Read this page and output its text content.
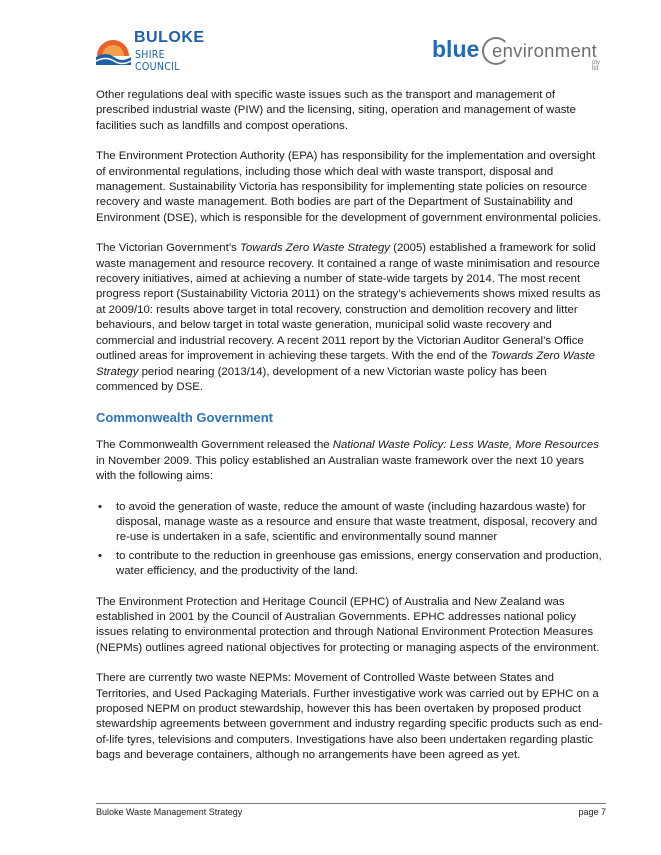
BULOKE
SHIRE COUNCIL
blue environment
pty ltd

Other regulations deal with specific waste issues such as the transport and management of prescribed industrial waste (PIW) and the licensing, siting, operation and management of waste facilities such as landfills and compost operations.

The Environment Protection Authority (EPA) has responsibility for the implementation and oversight of environmental regulations, including those which deal with waste transport, disposal and management. Sustainability Victoria has responsibility for implementing state policies on resource recovery and waste management. Both bodies are part of the Department of Sustainability and Environment (DSE), which is responsible for the development of government environmental policies.

The Victorian Government’s Towards Zero Waste Strategy (2005) established a framework for solid waste management and resource recovery. It contained a range of waste minimisation and resource recovery initiatives, aimed at achieving a number of state-wide targets by 2014. The most recent progress report (Sustainability Victoria 2011) on the strategy’s achievements shows mixed results as at 2009/10: results above target in total recovery, construction and demolition recovery and litter behaviours, and below target in total waste generation, municipal solid waste recovery and commercial and industrial recovery. A recent 2011 report by the Victorian Auditor General’s Office outlined areas for improvement in achieving these targets. With the end of the Towards Zero Waste Strategy period nearing (2013/14), development of a new Victorian waste policy has been commenced by DSE.

Commonwealth Government

The Commonwealth Government released the National Waste Policy: Less Waste, More Resources in November 2009. This policy established an Australian waste framework over the next 10 years with the following aims:

• to avoid the generation of waste, reduce the amount of waste (including hazardous waste) for disposal, manage waste as a resource and ensure that waste treatment, disposal, recovery and re-use is undertaken in a safe, scientific and environmentally sound manner
• to contribute to the reduction in greenhouse gas emissions, energy conservation and production, water efficiency, and the productivity of the land.

The Environment Protection and Heritage Council (EPHC) of Australia and New Zealand was established in 2001 by the Council of Australian Governments. EPHC addresses national policy issues relating to environmental protection and through National Environment Protection Measures (NEPMs) outlines agreed national objectives for protecting or managing aspects of the environment.

There are currently two waste NEPMs: Movement of Controlled Waste between States and Territories, and Used Packaging Materials. Further investigative work was carried out by EPHC on a proposed NEPM on product stewardship, however this has been overtaken by proposed product stewardship agreements between government and industry regarding specific products such as end-of-life tyres, televisions and computers. Investigations have also been undertaken regarding plastic bags and beverage containers, although no arrangements have been agreed as yet.

Buloke Waste Management Strategy	page 7
